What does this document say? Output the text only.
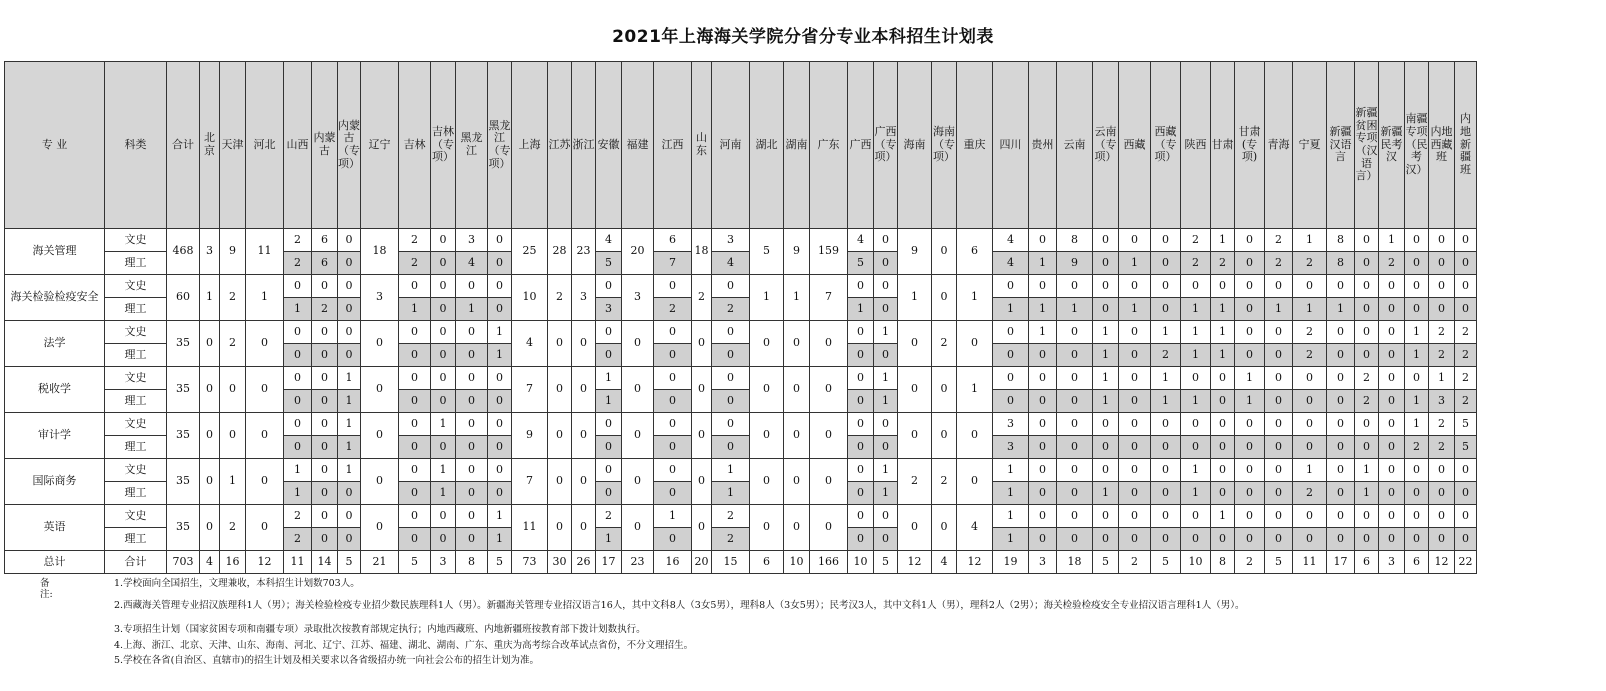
2021年上海海关学院分省分专业本科招生计划表
专 业	科类	合计	北京	天津	河北	山西	内蒙古	内蒙古（专项）	辽宁	吉林	吉林（专项）	黑龙江	黑龙江（专项）	上海	江苏	浙江	安徽	福建	江西	山东	河南	湖北	湖南	广东	广西	广西（专项）	海南	海南（专项）	重庆	四川	贵州	云南	云南（专项）	西藏	西藏（专项）	陕西	甘肃	甘肃(专项)	青海	宁夏	新疆汉语言	新疆贫困专项（汉语言）	新疆民考汉	南疆专项（民考汉）	内地西藏班	内地新疆班
海关管理	文史	468	3	9	11	2	6	0	18	2	0	3	0	25	28	23	4	20	6	18	3	5	9	159	4	0	9	0	6	4	0	8	0	0	0	2	1	0	2	1	8	0	1	0	0	0
	理工					2	6	0		2	0	4	0				5		7		4				5	0				4	1	9	0	1	0	2	2	0	2	2	8	0	2	0	0	0
海关检验检疫安全	文史	60	1	2	1	0	0	0	3	0	0	0	0	10	2	3	0	3	0	2	0	1	1	7	0	0	1	0	1	0	0	0	0	0	0	0	0	0	0	0	0	0	0	0	0	0
	理工					1	2	0		1	0	1	0				3		2		2				1	0				1	1	1	0	1	0	1	1	0	1	1	1	0	0	0	0	0
法学	文史	35	0	2	0	0	0	0	0	0	0	0	1	4	0	0	0	0	0	0	0	0	0	0	0	1	0	2	0	0	1	0	1	0	1	1	1	0	0	2	0	0	0	1	2	2
	理工					0	0	0		0	0	0	1				0		0		0				0	0				0	0	0	1	0	2	1	1	0	0	2	0	0	0	1	2	2
税收学	文史	35	0	0	0	0	0	1	0	0	0	0	0	7	0	0	1	0	0	0	0	0	0	0	0	1	0	0	1	0	0	0	1	0	1	0	0	1	0	0	0	2	0	0	1	2
	理工					0	0	1		0	0	0	0				1		0		0				0	1				0	0	0	1	0	1	1	0	1	0	0	0	2	0	1	3	2
审计学	文史	35	0	0	0	0	0	1	0	0	1	0	0	9	0	0	0	0	0	0	0	0	0	0	0	0	0	0	0	3	0	0	0	0	0	0	0	0	0	0	0	0	0	1	2	5
	理工					0	0	1		0	0	0	0				0		0		0				0	0				3	0	0	0	0	0	0	0	0	0	0	0	0	0	2	2	5
国际商务	文史	35	0	1	0	1	0	1	0	0	1	0	0	7	0	0	0	0	0	0	1	0	0	0	0	1	2	2	0	1	0	0	0	0	0	1	0	0	0	1	0	1	0	0	0	0
	理工					1	0	0		0	1	0	0				0		0		1				0	1				1	0	0	1	0	0	1	0	0	0	2	0	1	0	0	0	0
英语	文史	35	0	2	0	2	0	0	0	0	0	0	1	11	0	0	2	0	1	0	2	0	0	0	0	0	0	0	4	1	0	0	0	0	0	0	1	0	0	0	0	0	0	0	0	0
	理工					2	0	0		0	0	0	1				1		0		2				0	0				1	0	0	0	0	0	0	0	0	0	0	0	0	0	0	0	0
总计	合计	703	4	16	12	11	14	5	21	5	3	8	5	73	30	26	17	23	16	20	15	6	10	166	10	5	12	4	12	19	3	18	5	2	5	10	8	2	5	11	17	6	3	6	12	22
备注:
1.学校面向全国招生，文理兼收，本科招生计划数703人。
2.西藏海关管理专业招汉族理科1人（男）；海关检验检疫专业招少数民族理科1人（男）。新疆海关管理专业招汉语言16人，其中文科8人（3女5男），理科8人（3女5男）；民考汉3人，其中文科1人（男），理科2人（2男）；海关检验检疫安全专业招汉语言理科1人（男）。
3.专项招生计划（国家贫困专项和南疆专项）录取批次按教育部规定执行；内地西藏班、内地新疆班按教育部下拨计划数执行。
4.上海、浙江、北京、天津、山东、海南、河北、辽宁、江苏、福建、湖北、湖南、广东、重庆为高考综合改革试点省份，不分文理招生。
5.学校在各省(自治区、直辖市)的招生计划及相关要求以各省级招办统一向社会公布的招生计划为准。
